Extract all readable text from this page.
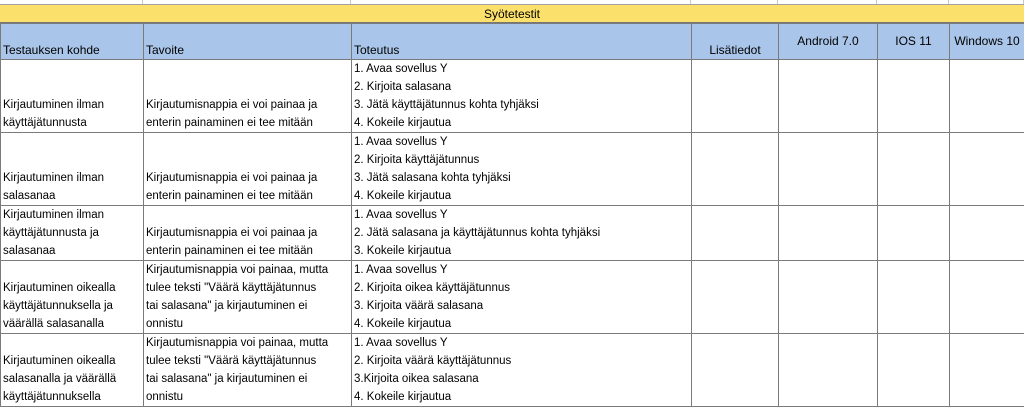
Syötetestit
Testauksen kohde	Tavoite	Toteutus	Lisätiedot	Android 7.0	IOS 11	Windows 10

Kirjautuminen ilman
käyttäjätunnusta	Kirjautumisnappia ei voi painaa ja
enterin painaminen ei tee mitään	1. Avaa sovellus Y
2. Kirjoita salasana
3. Jätä käyttäjätunnus kohta tyhjäksi
4. Kokeile kirjautua				

Kirjautuminen ilman
salasanaa	Kirjautumisnappia ei voi painaa ja
enterin painaminen ei tee mitään	1. Avaa sovellus Y
2. Kirjoita käyttäjätunnus
3. Jätä salasana kohta tyhjäksi
4. Kokeile kirjautua				

Kirjautuminen ilman
käyttäjätunnusta ja
salasanaa	Kirjautumisnappia ei voi painaa ja
enterin painaminen ei tee mitään	1. Avaa sovellus Y
2. Jätä salasana ja käyttäjätunnus kohta tyhjäksi
3. Kokeile kirjautua				

Kirjautuminen oikealla
käyttäjätunnuksella ja
väärällä salasanalla	Kirjautumisnappia voi painaa, mutta
tulee teksti "Väärä käyttäjätunnus
tai salasana" ja kirjautuminen ei
onnistu	1. Avaa sovellus Y
2. Kirjoita oikea käyttäjätunnus
3. Kirjoita väärä salasana
4. Kokeile kirjautua				

Kirjautuminen oikealla
salasanalla ja väärällä
käyttäjätunnuksella	Kirjautumisnappia voi painaa, mutta
tulee teksti "Väärä käyttäjätunnus
tai salasana" ja kirjautuminen ei
onnistu	1. Avaa sovellus Y
2. Kirjoita väärä käyttäjätunnus
3.Kirjoita oikea salasana
4. Kokeile kirjautua				
